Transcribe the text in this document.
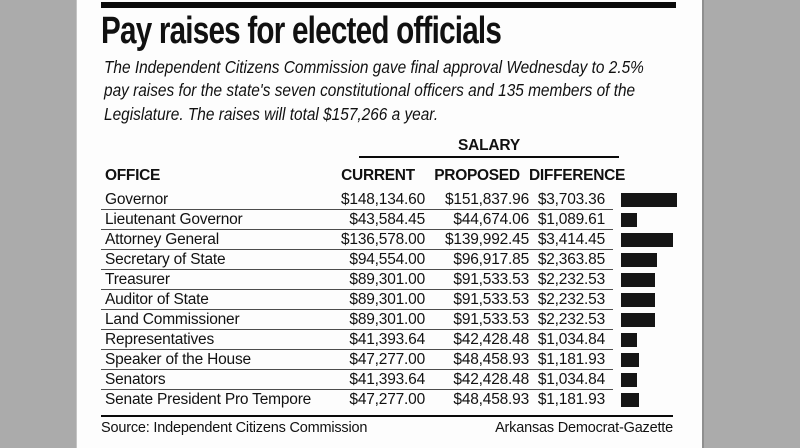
Pay raises for elected officials
The Independent Citizens Commission gave final approval Wednesday to 2.5%
pay raises for the state's seven constitutional officers and 135 members of the
Legislature. The raises will total $157,266 a year.
SALARY
OFFICE	CURRENT	PROPOSED DIFFERENCE
Governor	$148,134.60	$151,837.96 $3,703.36
Lieutenant Governor	$43,584.45	$44,674.06 $1,089.61
Attorney General	$136,578.00	$139,992.45 $3,414.45
Secretary of State	$94,554.00	$96,917.85 $2,363.85
Treasurer	$89,301.00	$91,533.53 $2,232.53
Auditor of State	$89,301.00	$91,533.53 $2,232.53
Land Commissioner	$89,301.00	$91,533.53 $2,232.53
Representatives	$41,393.64	$42,428.48 $1,034.84
Speaker of the House	$47,277.00	$48,458.93 $1,181.93
Senators	$41,393.64	$42,428.48 $1,034.84
Senate President Pro Tempore	$47,277.00	$48,458.93 $1,181.93
Source: Independent Citizens Commission	Arkansas Democrat-Gazette
